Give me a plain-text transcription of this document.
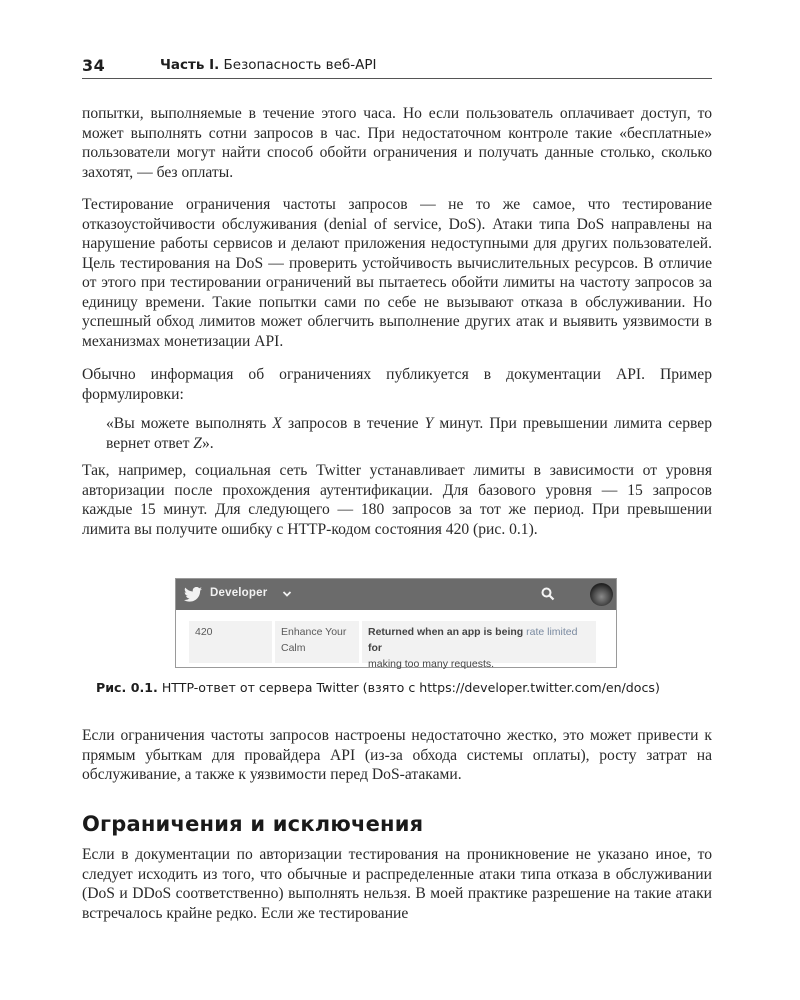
34	Часть I. Безопасность веб-API

попытки, выполняемые в течение этого часа. Но если пользователь оплачивает доступ, то может выполнять сотни запросов в час. При недостаточном контроле такие «бесплатные» пользователи могут найти способ обойти ограничения и получать данные столько, сколько захотят, — без оплаты.

Тестирование ограничения частоты запросов — не то же самое, что тестирование отказоустойчивости обслуживания (denial of service, DoS). Атаки типа DoS направлены на нарушение работы сервисов и делают приложения недоступными для других пользователей. Цель тестирования на DoS — проверить устойчивость вычислительных ресурсов. В отличие от этого при тестировании ограничений вы пытаетесь обойти лимиты на частоту запросов за единицу времени. Такие попытки сами по себе не вызывают отказа в обслуживании. Но успешный обход лимитов может облегчить выполнение других атак и выявить уязвимости в механизмах монетизации API.

Обычно информация об ограничениях публикуется в документации API. Пример формулировки:

«Вы можете выполнять X запросов в течение Y минут. При превышении лимита сервер вернет ответ Z».

Так, например, социальная сеть Twitter устанавливает лимиты в зависимости от уровня авторизации после прохождения аутентификации. Для базового уровня — 15 запросов каждые 15 минут. Для следующего — 180 запросов за тот же период. При превышении лимита вы получите ошибку с HTTP-кодом состояния 420 (рис. 0.1).

Developer
420	Enhance Your
Calm
Returned when an app is being rate limited for
making too many requests.
Рис. 0.1. HTTP-ответ от сервера Twitter (взято с https://developer.twitter.com/en/docs)

Если ограничения частоты запросов настроены недостаточно жестко, это может привести к прямым убыткам для провайдера API (из-за обхода системы оплаты), росту затрат на обслуживание, а также к уязвимости перед DoS-атаками.

Ограничения и исключения

Если в документации по авторизации тестирования на проникновение не указано иное, то следует исходить из того, что обычные и распределенные атаки типа отказа в обслуживании (DoS и DDoS соответственно) выполнять нельзя. В моей практике разрешение на такие атаки встречалось крайне редко. Если же тестирование
